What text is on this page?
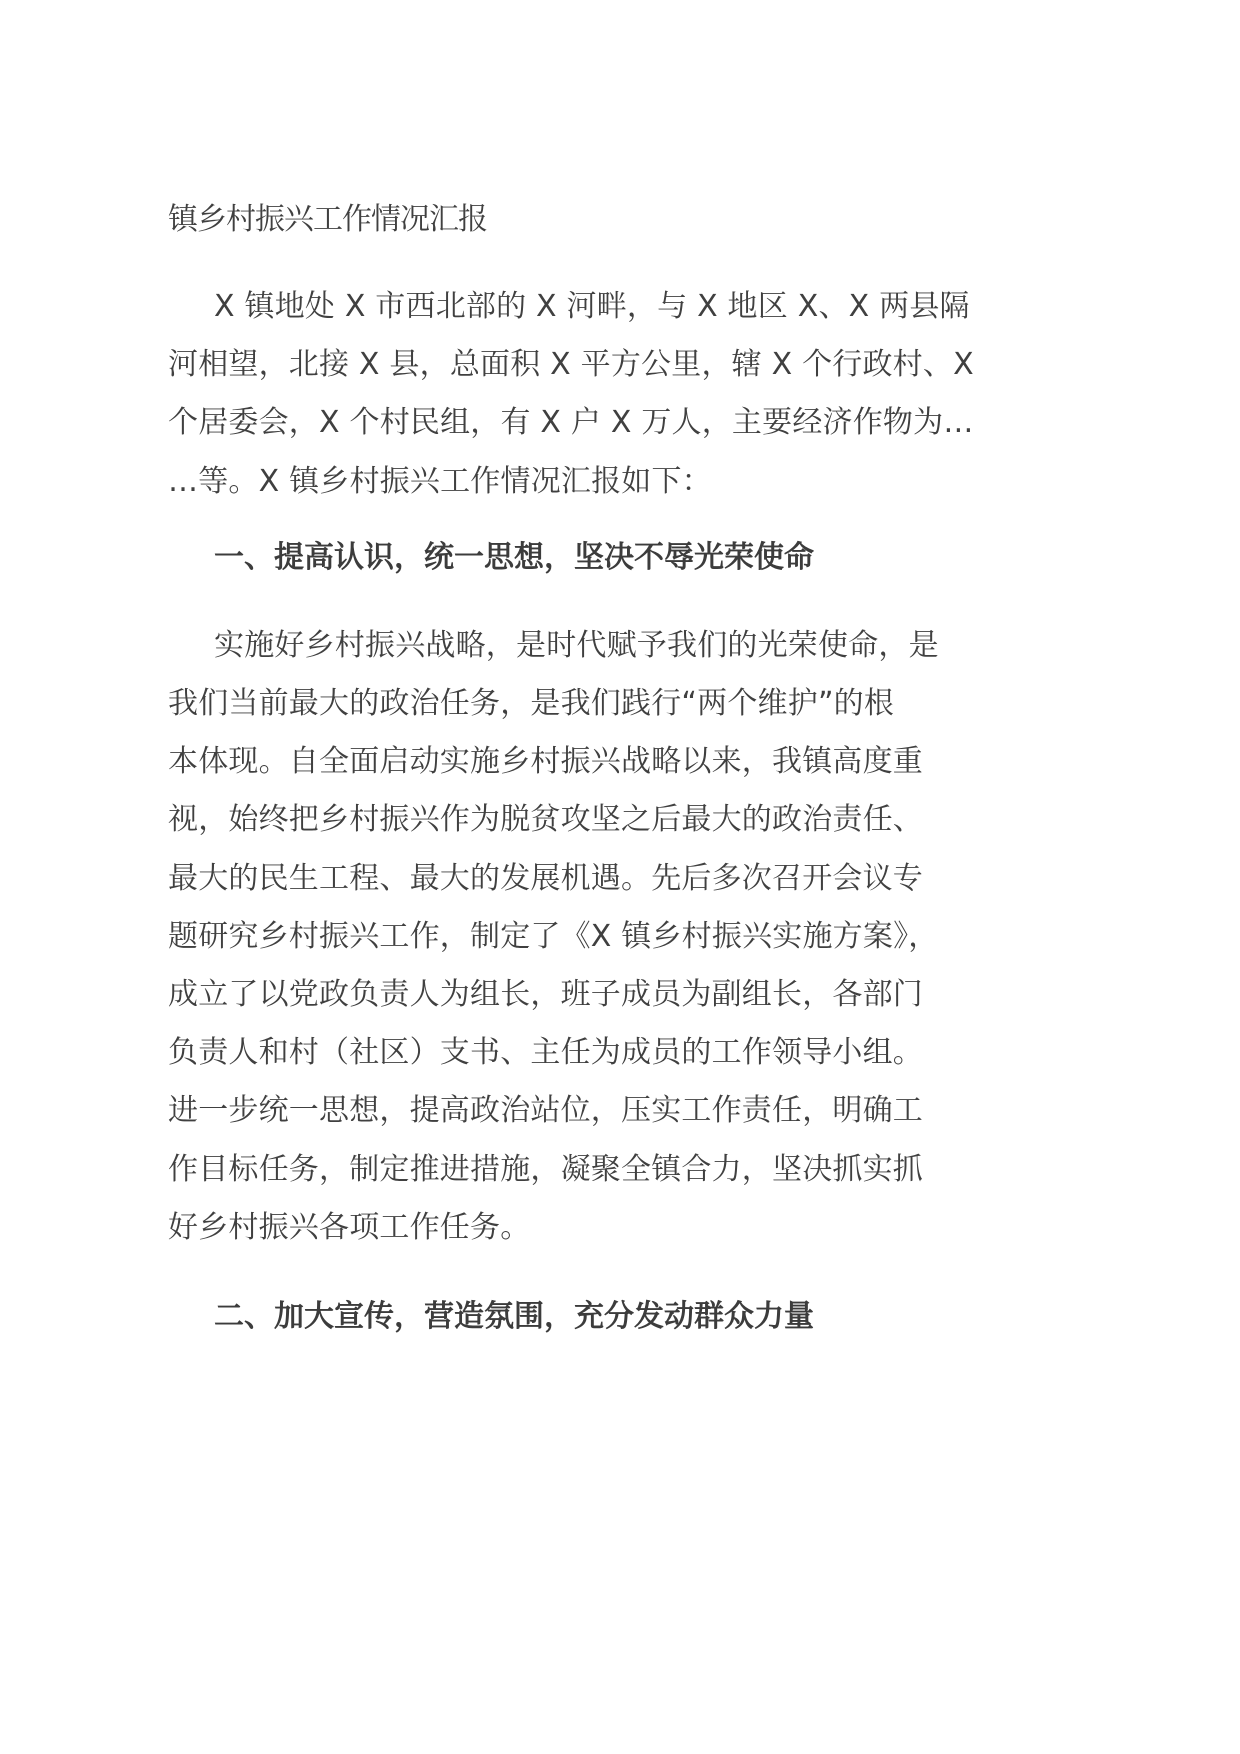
镇乡村振兴工作情况汇报

X 镇地处 X 市西北部的 X 河畔，与 X 地区 X、X 两县隔
河相望，北接 X 县，总面积 X 平方公里，辖 X 个行政村、X
个居委会，X 个村民组，有 X 户 X 万人，主要经济作物为…
…等。X 镇乡村振兴工作情况汇报如下：

一、提高认识，统一思想，坚决不辱光荣使命

实施好乡村振兴战略，是时代赋予我们的光荣使命，是
我们当前最大的政治任务，是我们践行“两个维护”的根
本体现。自全面启动实施乡村振兴战略以来，我镇高度重
视，始终把乡村振兴作为脱贫攻坚之后最大的政治责任、
最大的民生工程、最大的发展机遇。先后多次召开会议专
题研究乡村振兴工作，制定了《X 镇乡村振兴实施方案》，
成立了以党政负责人为组长，班子成员为副组长，各部门
负责人和村（社区）支书、主任为成员的工作领导小组。
进一步统一思想，提高政治站位，压实工作责任，明确工
作目标任务，制定推进措施，凝聚全镇合力，坚决抓实抓
好乡村振兴各项工作任务。

二、加大宣传，营造氛围，充分发动群众力量
